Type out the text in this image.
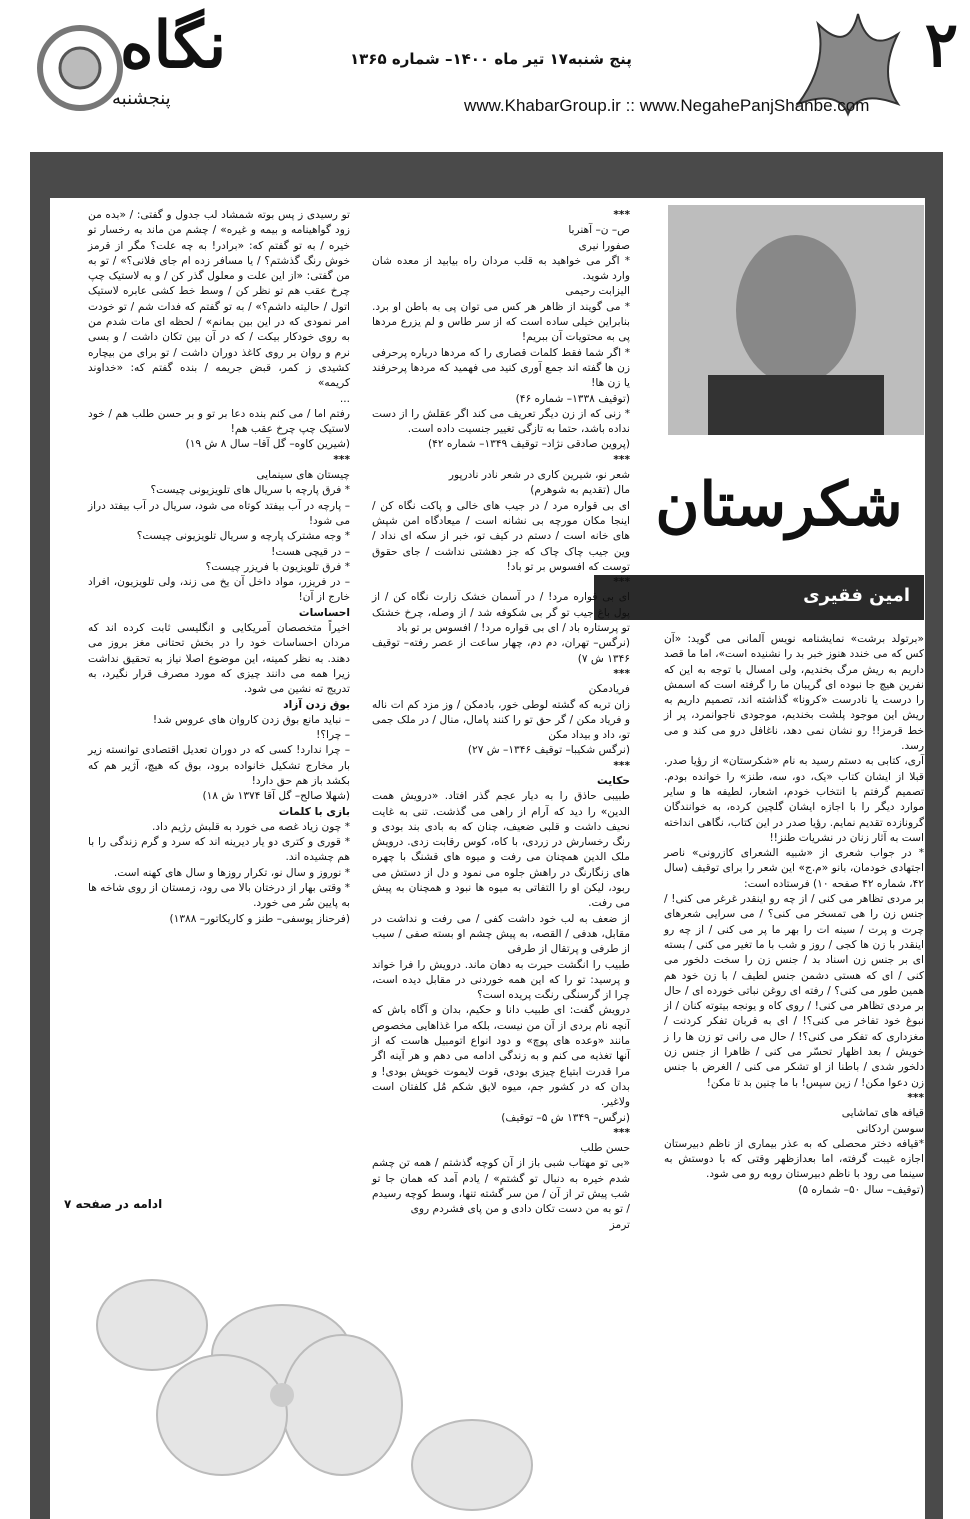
۲
پنج شنبه۱۷ تیر ماه ۱۴۰۰– شماره ۱۳۶۵
www.KhabarGroup.ir :: www.NegahePanjShanbe.com
نگاه
پنجشنبه
شکرستان
امین فقیری

«برتولد برشت» نمایشنامه نویس آلمانی می گوید: «آن کس که می خندد هنوز خبر بد را نشنیده است»، اما ما قصد داریم به ریش مرگ بخندیم، ولی امسال با توجه به این که نفرین هیچ جا نبوده ای گریبان ما را گرفته است که اسمش را درست یا نادرست «کرونا» گذاشته اند، تصمیم داریم به ریش این موجود پلشت بخندیم، موجودی ناجوانمرد، پر از خط قرمز!! رو نشان نمی دهد، ناغافل درو می کند و می رسد.

آری، کتابی به دستم رسید به نام «شکرستان» از رؤیا صدر. قبلا از ایشان کتاب «یک، دو، سه، طنز» را خوانده بودم. تصمیم گرفتم با انتخاب خودم، اشعار، لطیفه ها و سایر موارد دیگر را با اجازه ایشان گلچین کرده، به خوانندگان گرونازده تقدیم نمایم. رؤیا صدر در این کتاب، نگاهی انداخته است به آثار زنان در نشریات طنز!!

* در جواب شعری از «شبیه الشعرای کازرونی» ناصر اجتهادی خودمان، بانو «م.ج» این شعر را برای توقیف (سال ۴۲، شماره ۴۲ صفحه ۱۰) فرستاده است:

بر مردی تظاهر می کنی / از چه رو اینقدر غرغر می کنی! / جنس زن را هی تمسخر می کنی؟ / می سرایی شعرهای چرت و پرت / سینه ات را بهر ما پر می کنی / از چه رو اینقدر با زن ها کجی / روز و شب با ما تغیر می کنی / بسته ای بر جنس زن اسناد بد / جنس زن را سخت دلخور می کنی / ای که هستی دشمن جنس لطیف / با زن خود هم همین طور می کنی؟ / رفته ای روغن نباتی خورده ای / حال بر مردی تظاهر می کنی! / روی کاه و یونجه بیتوته کنان / از نبوغ خود تفاخر می کنی؟! / ای به قربان تفکر کردنت / مغزداری که تفکر می کنی؟! / حال می رانی تو زن ها را ز خویش / بعد اظهار تحسّر می کنی / ظاهرا از جنس زن دلخور شدی / باطنا از او تشکر می کنی / الغرض با جنس زن دعوا مکن! / زین سپس! با ما چنین بد تا مکن!

***

قیافه های تماشایی

سوسن اردکانی

*قیافه دختر محصلی که به عذر بیماری از ناظم دبیرستان اجازه غیبت گرفته، اما بعدازظهر وقتی که با دوستش به سینما می رود با ناظم دبیرستان روبه رو می شود.

(توقیف– سال ۵۰– شماره ۵)

***

ص– ن– آهنربا

صفورا نیری

* اگر می خواهید به قلب مردان راه بیابید از معده شان وارد شوید.

الیزابت رحیمی

* می گویند از ظاهر هر کس می توان پی به باطن او برد. بنابراین خیلی ساده است که از سر طاس و لم یزرع مردها پی به محتویات آن ببریم!

* اگر شما فقط کلمات قصاری را که مردها درباره پرحرفی زن ها گفته اند جمع آوری کنید می فهمید که مردها پرحرفند یا زن ها!

(توقیف ۱۳۳۸– شماره ۴۶)

* زنی که از زن دیگر تعریف می کند اگر عقلش را از دست نداده باشد، حتما به تازگی تغییر جنسیت داده است.

(پروین صادقی نژاد– توقیف ۱۳۴۹– شماره ۴۲)

***

شعر نو، شیرین کاری در شعر نادر نادرپور

مال (تقدیم به شوهرم)

ای بی قواره مرد / در جیب های خالی و پاکت نگاه کن / اینجا مکان مورچه بی نشانه است / میعادگاه امن شپش های خانه است / دستم در کیف تو، خبر از سکه ای نداد / وین جیب چاک چاک که جز دهشتی نداشت / جای حقوق توست که افسوس بر تو باد!

***

ای بی قواره مرد! / در آسمان خشک زارت نگاه کن / از پول باغ جیب تو گر بی شکوفه شد / از وصله، چرخ خشتک تو پرستاره باد / ای بی قواره مرد! / افسوس بر تو باد

(نرگس– تهران، دم دم، چهار ساعت از عصر رفته– توقیف ۱۳۴۶ ش ۷)

***

فریادمکن

زان تربه که گشته لوطی خور، بادمکن / وز مزد کم ات ناله و فریاد مکن / گر حق تو را کنند پامال، منال / در ملک جمی تو، داد و بیداد مکن

(نرگس شکیبا– توقیف ۱۳۴۶– ش ۲۷)

***

حکایت

طبیبی حاذق را به دیار عجم گذر افتاد. «درویش همت الدین» را دید که آرام از راهی می گذشت. تنی به غایت نحیف داشت و قلبی ضعیف، چنان که به بادی بند بودی و رنگ رخسارش در زردی، با کاه، کوس رقابت زدی. درویش ملک الدین همچنان می رفت و میوه های قشنگ با چهره های زنگارنگ در راهش جلوه می نمود و دل از دستش می ربود، لیکن او را التفاتی به میوه ها نبود و همچنان به پیش می رفت.

از ضعف به لب خود داشت کفی / می رفت و نداشت در مقابل، هدفی / القصه، به پیش چشم او بسته صفی / سیب از طرفی و پرتقال از طرفی

طبیب را انگشت حیرت به دهان ماند. درویش را فرا خواند و پرسید: تو را که این همه خوردنی در مقابل دیده است، چرا از گرسنگی رنگت پریده است؟

درویش گفت: ای طبیب دانا و حکیم، بدان و آگاه باش که آنچه نام بردی از آن من نیست، بلکه مرا غذاهایی مخصوص مانند «وعده های پوچ» و دود انواع اتومبیل هاست که از آنها تغذیه می کنم و به زندگی ادامه می دهم و هر آینه اگر مرا قدرت ابتیاع چیزی بودی، قوت لایموت خویش بودی! و بدان که در کشور جم، میوه لایق شکم مُل کلفتان است ولاغیر.

(نرگس– ۱۳۴۹ ش ۵– توقیف)

***

حسن طلب

«بی تو مهتاب شبی باز از آن کوچه گذشتم / همه تن چشم شدم خیره به دنبال تو گشتم» / یادم آمد که همان جا تو شب پیش تر از آن / من سر گشته تنها، وسط کوچه رسیدم / تو به من دست تکان دادی و من پای فشردم روی

ترمز

تو رسیدی ز پس بوته شمشاد لب جدول و گفتی: / «بده من زود گواهینامه و بیمه و غیره» / چشم من ماند به رخسار تو خیره / به تو گفتم که: «برادر! به چه علت؟ مگر از قرمز خوش رنگ گذشتم؟ / یا مسافر زده ام جای فلانی؟» / تو به من گفتی: «از این علت و معلول گذر کن / و به لاستیک چپ چرخ عقب هم تو نظر کن / وسط خط کشی عابره لاستیک اتول / حالیته داشم؟» / به تو گفتم که فدات شم / تو خودت امر نمودی که در این بین بمانم» / لحظه ای مات شدم من به روی خودکار بیکت / که در آن بین تکان داشت / و بسی نرم و روان بر روی کاغذ دوران داشت / تو برای من بیچاره کشیدی ز کمر، قبض جریمه / بنده گفتم که: «خداوند کریمه»

...

رفتم اما / می کنم بنده دعا بر تو و بر حسن طلب هم / خود لاستیک چپ چرخ عقب هم!

(شیرین کاوه– گل آقا– سال ۸ ش ۱۹)

***

چیستان های سینمایی

* فرق پارچه با سریال های تلویزیونی چیست؟

– پارچه در آب بیفتد کوتاه می شود، سریال در آب بیفتد دراز می شود!

* وجه مشترک پارچه و سریال تلویزیونی چیست؟

– در قیچی هست!

* فرق تلویزیون با فریزر چیست؟

– در فریزر، مواد داخل آن یخ می زند، ولی تلویزیون، افراد خارج از آن!

احساسات

اخیراً متخصصان آمریکایی و انگلیسی ثابت کرده اند که مردان احساسات خود را در بخش تحتانی مغز بروز می دهند. به نظر کمینه، این موضوع اصلا نیاز به تحقیق نداشت زیرا همه می دانند چیزی که مورد مصرف قرار نگیرد، به تدریج ته نشین می شود.

بوق زدن آزاد

– نباید مانع بوق زدن کاروان های عروس شد!

– چرا؟!

– چرا ندارد! کسی که در دوران تعدیل اقتصادی توانسته زیر بار مخارج تشکیل خانواده برود، بوق که هیچ، آژیر هم که بکشد باز هم حق دارد!

(شهلا صالح– گل آقا ۱۳۷۴ ش ۱۸)

بازی با کلمات

* چون زیاد غصه می خورد به قلبش رژیم داد.

* قوری و کتری دو یار دیرینه اند که سرد و گرم زندگی را با هم چشیده اند.

* نوروز و سال نو، تکرار روزها و سال های کهنه است.

* وقتی بهار از درختان بالا می رود، زمستان از روی شاخه ها به پایین سُر می خورد.

(فرحناز یوسفی– طنز و کاریکاتور– ۱۳۸۸)

ادامه در صفحه ۷
